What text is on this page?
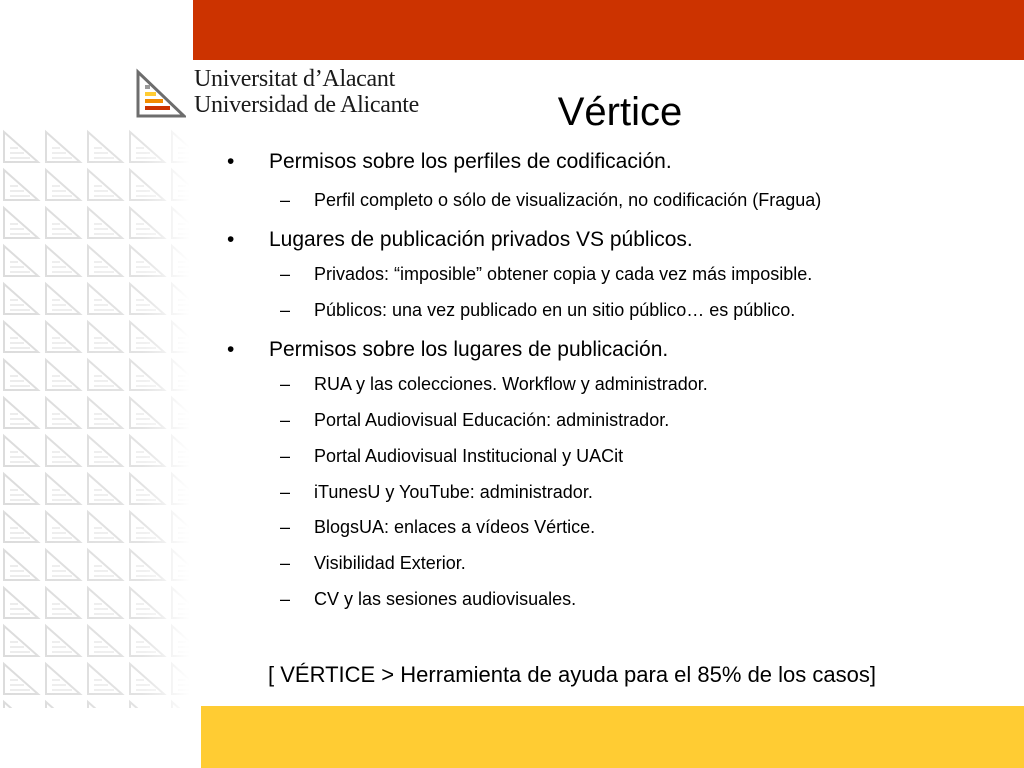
Universitat d’Alacant
Universidad de Alicante	Vértice
•	Permisos sobre los perfiles de codificación.
– Perfil completo o sólo de visualización, no codificación (Fragua)
•	Lugares de publicación privados VS públicos.
– Privados: “imposible” obtener copia y cada vez más imposible.
– Públicos: una vez publicado en un sitio público… es público.
•	Permisos sobre los lugares de publicación.
– RUA y las colecciones. Workflow y administrador.
– Portal Audiovisual Educación: administrador.
– Portal Audiovisual Institucional y UACit
– iTunesU y YouTube: administrador.
– BlogsUA: enlaces a vídeos Vértice.
– Visibilidad Exterior.
– CV y las sesiones audiovisuales.
[ VÉRTICE > Herramienta de ayuda para el 85% de los casos]
